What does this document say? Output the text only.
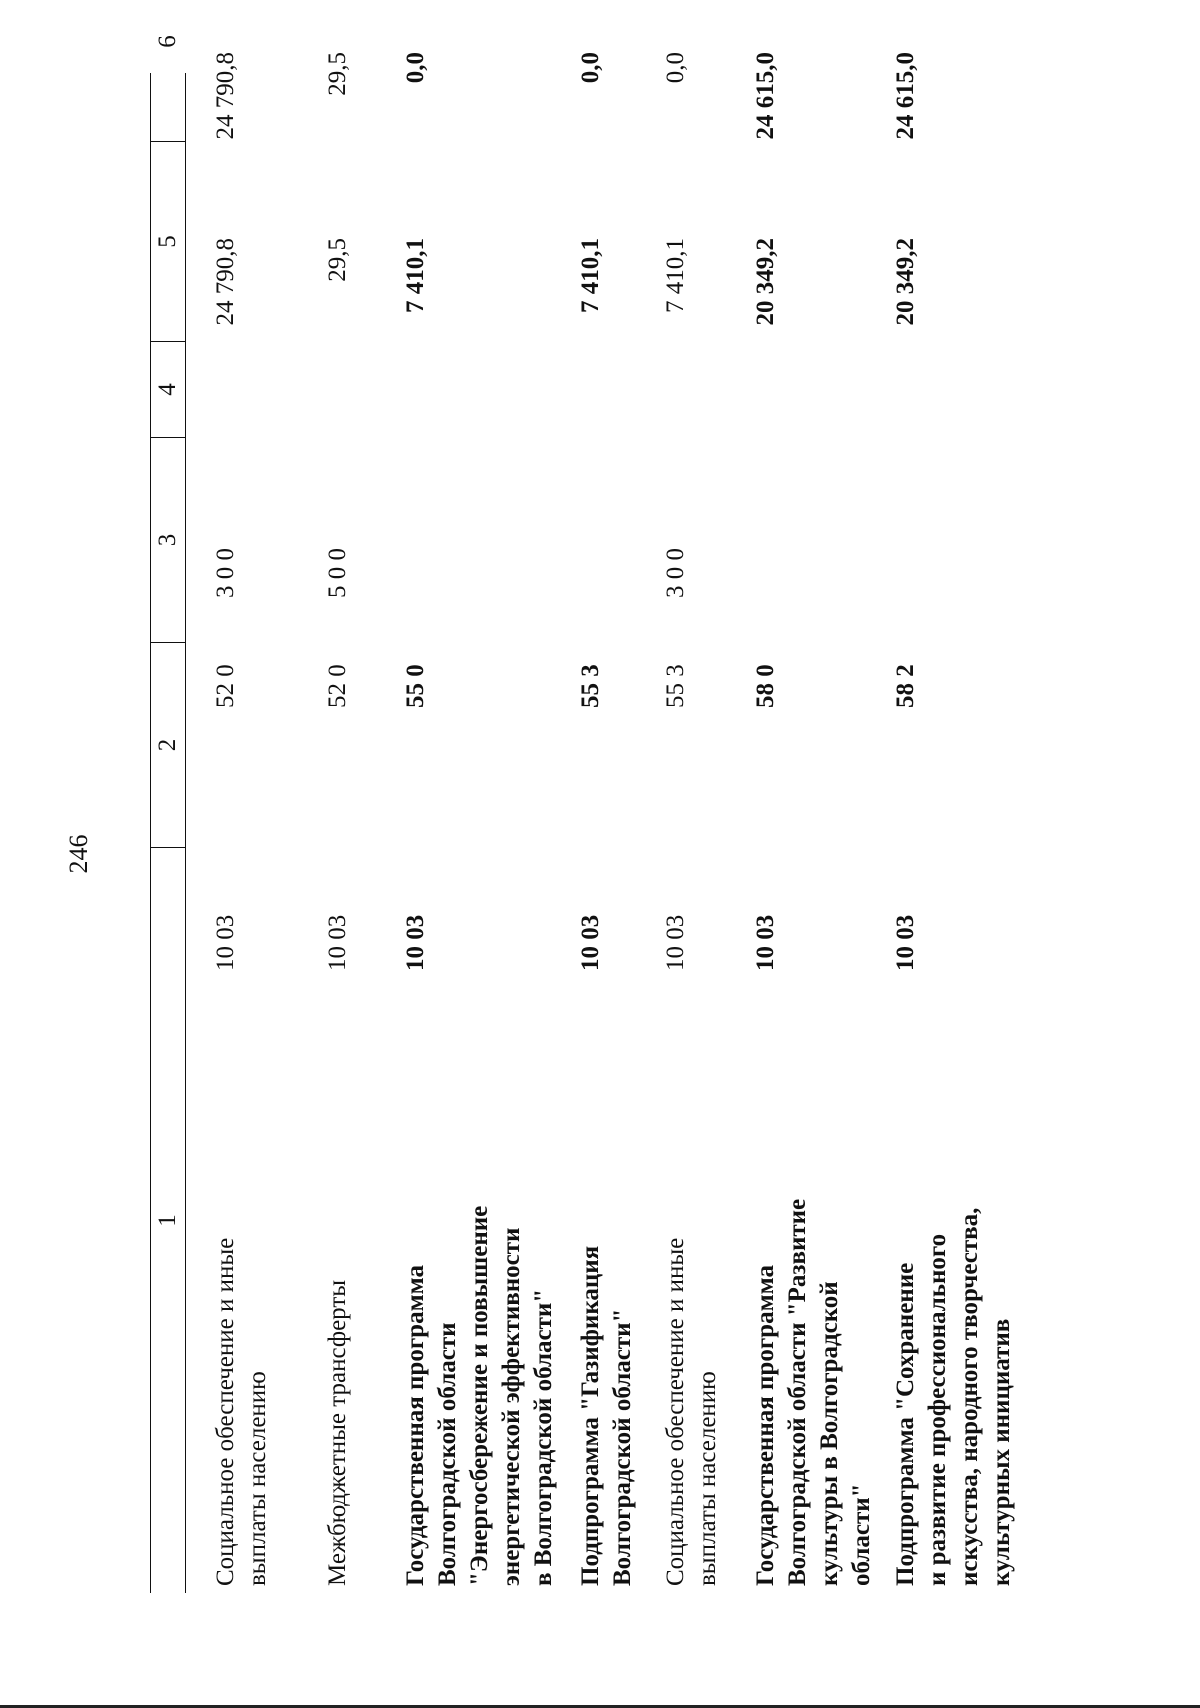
246
1
2
3
4
5
6
Социальное обеспечение и иные выплаты населению
10 03
52 0
3 0 0
24 790,8
24 790,8
Межбюджетные трансферты
10 03
52 0
5 0 0
29,5
29,5
Государственная программа Волгоградской области "Энергосбережение и повышение энергетической эффективности в Волгоградской области"
10 03
55 0
7 410,1
0,0
Подпрограмма "Газификация Волгоградской области"
10 03
55 3
7 410,1
0,0
Социальное обеспечение и иные выплаты населению
10 03
55 3
3 0 0
7 410,1
0,0
Государственная программа Волгоградской области "Развитие культуры в Волгоградской области"
10 03
58 0
20 349,2
24 615,0
Подпрограмма "Сохранение и развитие профессионального искусства, народного творчества, культурных инициатив
10 03
58 2
20 349,2
24 615,0
